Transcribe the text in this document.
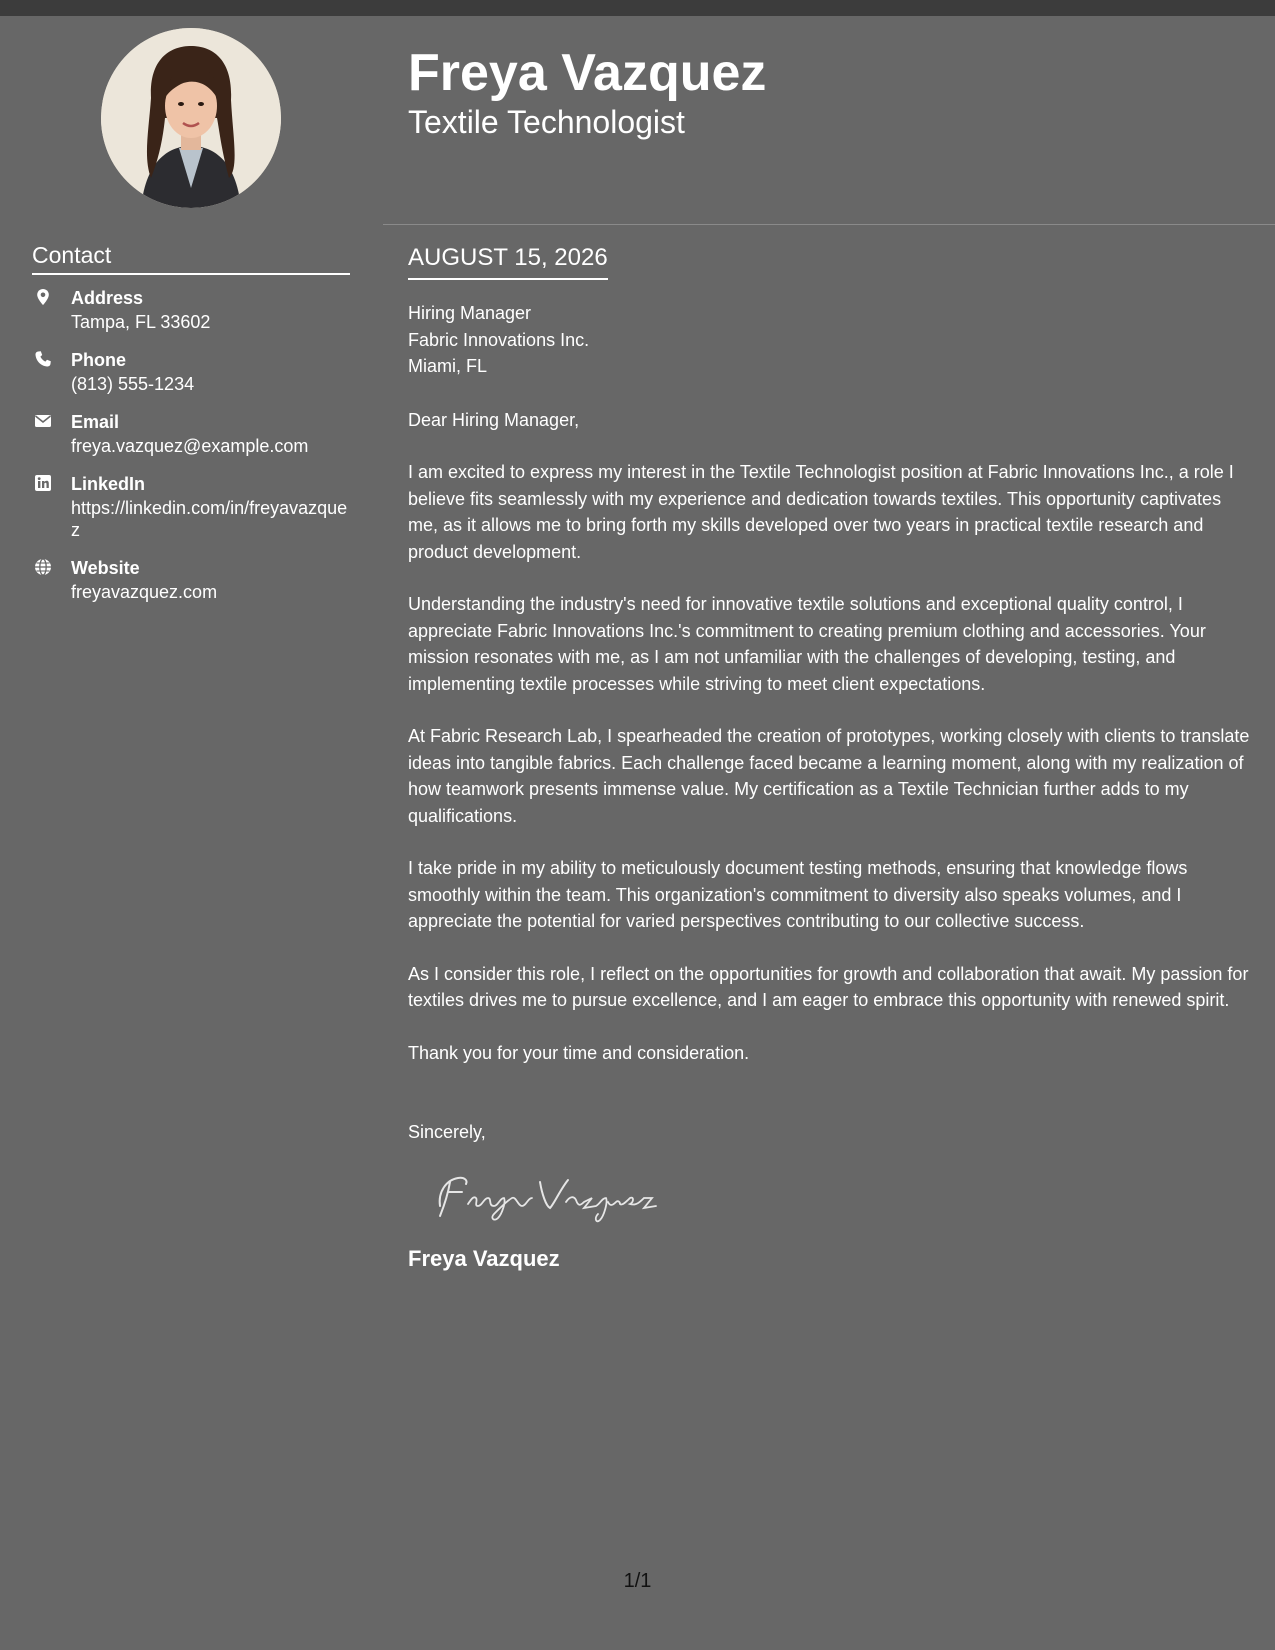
Contact
Address
Tampa, FL 33602
Phone
(813) 555-1234
Email
freya.vazquez@example.com
LinkedIn
https://linkedin.com/in/freyavazquez
Website
freyavazquez.com
Freya Vazquez
Textile Technologist
AUGUST 15, 2026
Hiring Manager
Fabric Innovations Inc.
Miami, FL
Dear Hiring Manager,
I am excited to express my interest in the Textile Technologist position at Fabric Innovations Inc., a role I believe fits seamlessly with my experience and dedication towards textiles. This opportunity captivates me, as it allows me to bring forth my skills developed over two years in practical textile research and product development.
Understanding the industry's need for innovative textile solutions and exceptional quality control, I appreciate Fabric Innovations Inc.'s commitment to creating premium clothing and accessories. Your mission resonates with me, as I am not unfamiliar with the challenges of developing, testing, and implementing textile processes while striving to meet client expectations.
At Fabric Research Lab, I spearheaded the creation of prototypes, working closely with clients to translate ideas into tangible fabrics. Each challenge faced became a learning moment, along with my realization of how teamwork presents immense value. My certification as a Textile Technician further adds to my qualifications.
I take pride in my ability to meticulously document testing methods, ensuring that knowledge flows smoothly within the team. This organization's commitment to diversity also speaks volumes, and I appreciate the potential for varied perspectives contributing to our collective success.
As I consider this role, I reflect on the opportunities for growth and collaboration that await. My passion for textiles drives me to pursue excellence, and I am eager to embrace this opportunity with renewed spirit.
Thank you for your time and consideration.
Sincerely,
Freya Vazquez
1/1
